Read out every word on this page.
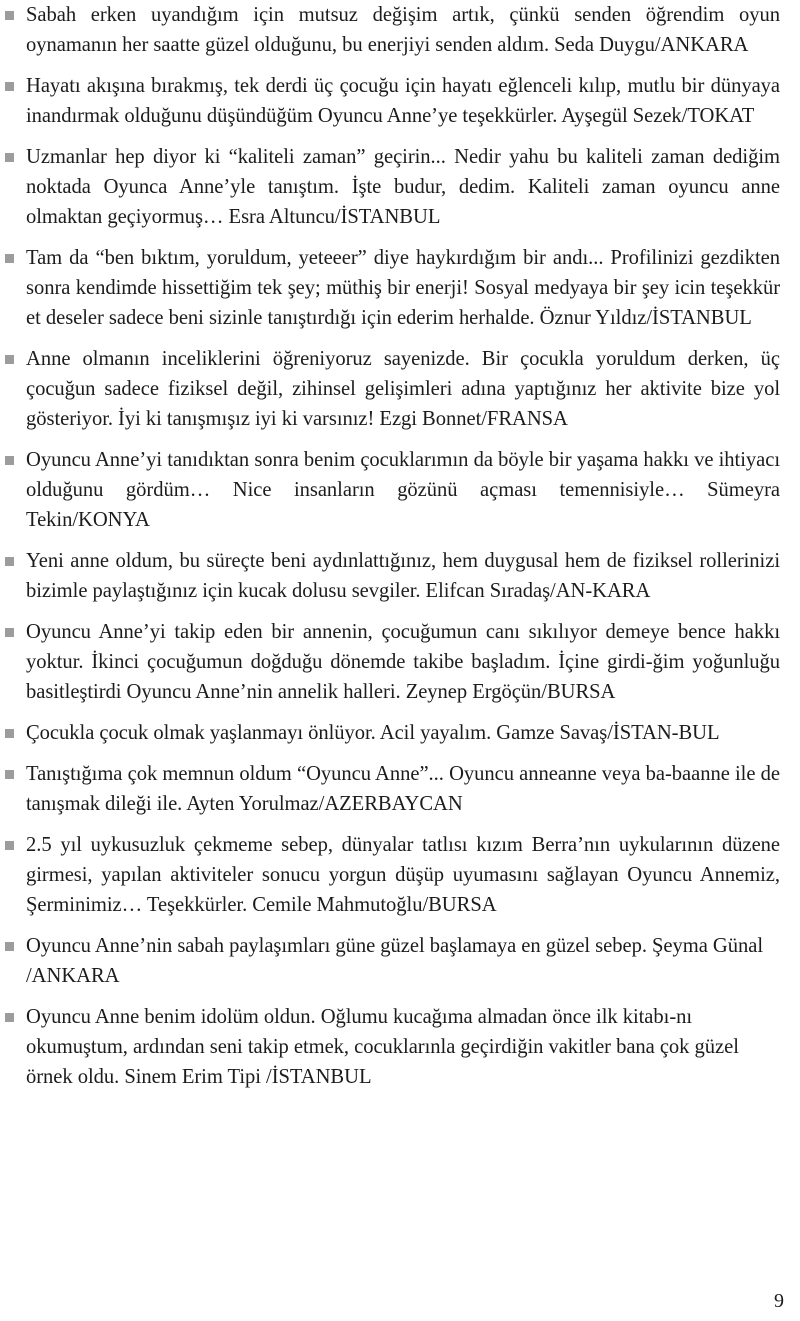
Sabah erken uyandığım için mutsuz değişim artık, çünkü senden öğrendim oyun oynamanın her saatte güzel olduğunu, bu enerjiyi senden aldım. Seda Duygu/ANKARA
Hayatı akışına bırakmış, tek derdi üç çocuğu için hayatı eğlenceli kılıp, mutlu bir dünyaya inandırmak olduğunu düşündüğüm Oyuncu Anne’ye teşekkürler. Ayşegül Sezek/TOKAT
Uzmanlar hep diyor ki “kaliteli zaman” geçirin... Nedir yahu bu kaliteli zaman dediğim noktada Oyunca Anne’yle tanıştım. İşte budur, dedim. Kaliteli zaman oyuncu anne olmaktan geçiyormuş… Esra Altuncu/İSTANBUL
Tam da “ben bıktım, yoruldum, yeteeer” diye haykırdığım bir andı... Profilinizi gezdikten sonra kendimde hissettiğim tek şey; müthiş bir enerji! Sosyal medyaya bir şey icin teşekkür et deseler sadece beni sizinle tanıştırdığı için ederim herhalde. Öznur Yıldız/İSTANBUL
Anne olmanın inceliklerini öğreniyoruz sayenizde. Bir çocukla yoruldum derken, üç çocuğun sadece fiziksel değil, zihinsel gelişimleri adına yaptığınız her aktivite bize yol gösteriyor. İyi ki tanışmışız iyi ki varsınız! Ezgi Bonnet/FRANSA
Oyuncu Anne’yi tanıdıktan sonra benim çocuklarımın da böyle bir yaşama hakkı ve ihtiyacı olduğunu gördüm… Nice insanların gözünü açması temennisiyle… Sümeyra Tekin/KONYA
Yeni anne oldum, bu süreçte beni aydınlattığınız, hem duygusal hem de fiziksel rollerinizi bizimle paylaştığınız için kucak dolusu sevgiler. Elifcan Sıradaş/AN-KARA
Oyuncu Anne’yi takip eden bir annenin, çocuğumun canı sıkılıyor demeye bence hakkı yoktur. İkinci çocuğumun doğduğu dönemde takibe başladım. İçine girdi-ğim yoğunluğu basitleştirdi Oyuncu Anne’nin annelik halleri. Zeynep Ergöçün/BURSA
Çocukla çocuk olmak yaşlanmayı önlüyor. Acil yayalım. Gamze Savaş/İSTAN-BUL
Tanıştığıma çok memnun oldum “Oyuncu Anne”... Oyuncu anneanne veya ba-baanne ile de tanışmak dileği ile. Ayten Yorulmaz/AZERBAYCAN
2.5 yıl uykusuzluk çekmeme sebep, dünyalar tatlısı kızım Berra’nın uykularının düzene girmesi, yapılan aktiviteler sonucu yorgun düşüp uyumasını sağlayan Oyuncu Annemiz, Şerminimiz… Teşekkürler. Cemile Mahmutoğlu/BURSA
Oyuncu Anne’nin sabah paylaşımları güne güzel başlamaya en güzel sebep. Şeyma Günal /ANKARA
Oyuncu Anne benim idolüm oldun. Oğlumu kucağıma almadan önce ilk kitabı-nı okumuştum, ardından seni takip etmek, cocuklarınla geçirdiğin vakitler bana çok güzel örnek oldu. Sinem Erim Tipi /İSTANBUL
9
